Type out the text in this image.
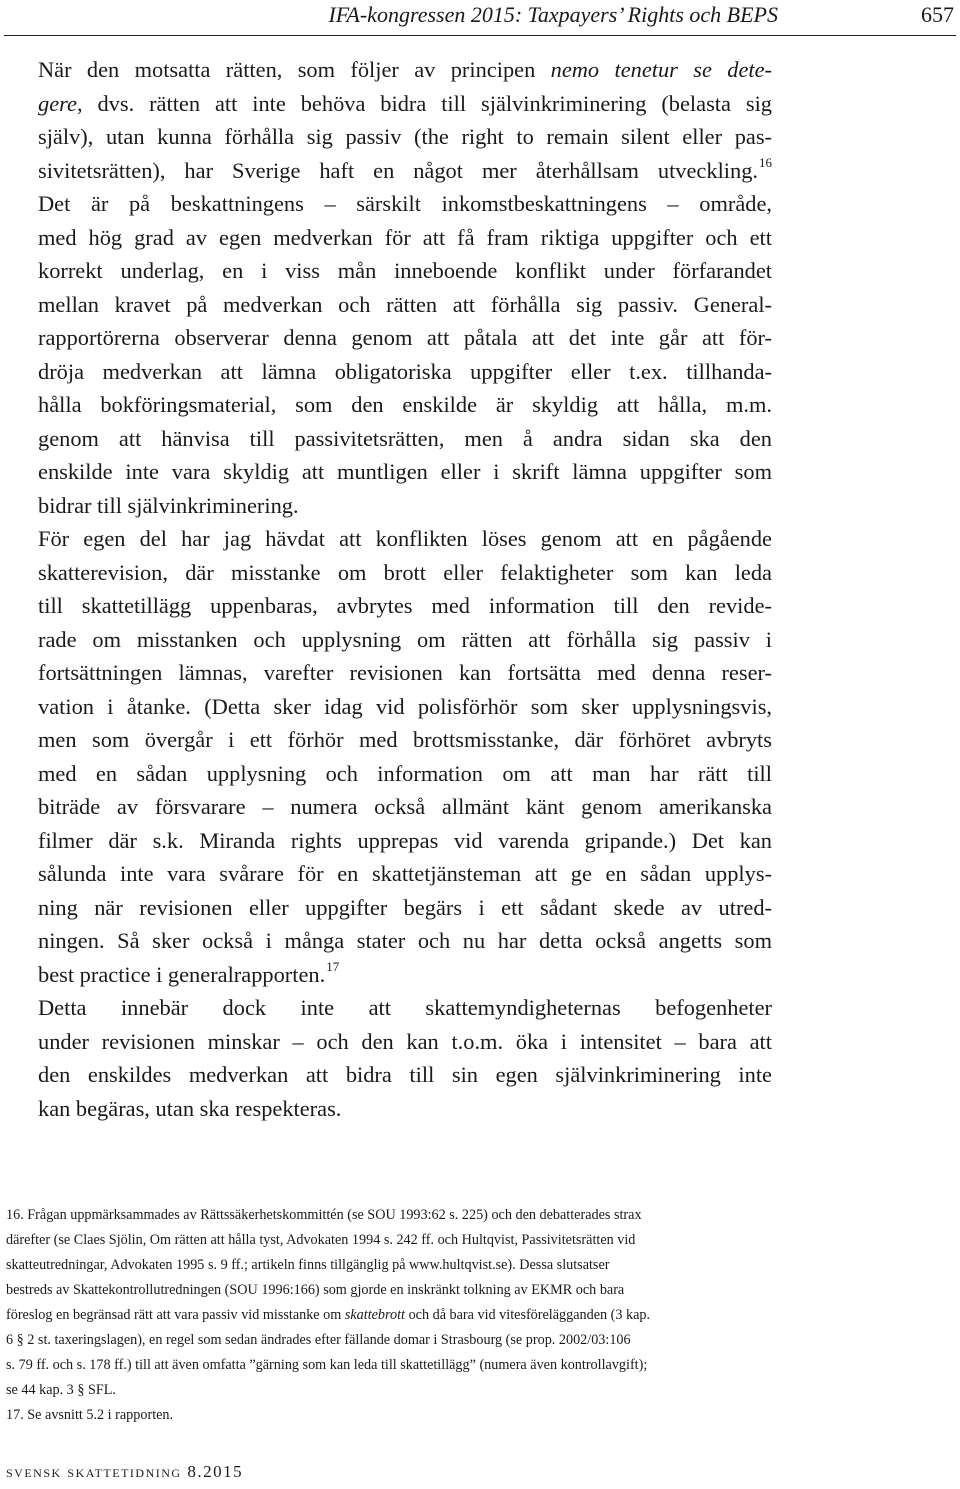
IFA-kongressen 2015: Taxpayers’ Rights och BEPS	657

När den motsatta rätten, som följer av principen nemo tenetur se dete-
gere, dvs. rätten att inte behöva bidra till självinkriminering (belasta sig
själv), utan kunna förhålla sig passiv (the right to remain silent eller pas-
sivitetsrätten), har Sverige haft en något mer återhållsam utveckling.$^{16}$
Det är på beskattningens – särskilt inkomstbeskattningens – område,
med hög grad av egen medverkan för att få fram riktiga uppgifter och ett
korrekt underlag, en i viss mån inneboende konflikt under förfarandet
mellan kravet på medverkan och rätten att förhålla sig passiv. General-
rapportörerna observerar denna genom att påtala att det inte går att för-
dröja medverkan att lämna obligatoriska uppgifter eller t.ex. tillhanda-
hålla bokföringsmaterial, som den enskilde är skyldig att hålla, m.m.
genom att hänvisa till passivitetsrätten, men å andra sidan ska den
enskilde inte vara skyldig att muntligen eller i skrift lämna uppgifter som
bidrar till självinkriminering.

För egen del har jag hävdat att konflikten löses genom att en pågående
skatterevision, där misstanke om brott eller felaktigheter som kan leda
till skattetillägg uppenbaras, avbrytes med information till den revide-
rade om misstanken och upplysning om rätten att förhålla sig passiv i
fortsättningen lämnas, varefter revisionen kan fortsätta med denna reser-
vation i åtanke. (Detta sker idag vid polisförhör som sker upplysningsvis,
men som övergår i ett förhör med brottsmisstanke, där förhöret avbryts
med en sådan upplysning och information om att man har rätt till
biträde av försvarare – numera också allmänt känt genom amerikanska
filmer där s.k. Miranda rights upprepas vid varenda gripande.) Det kan
sålunda inte vara svårare för en skattetjänsteman att ge en sådan upplys-
ning när revisionen eller uppgifter begärs i ett sådant skede av utred-
ningen. Så sker också i många stater och nu har detta också angetts som
best practice i generalrapporten.$^{17}$

Detta innebär dock inte att skattemyndigheternas befogenheter
under revisionen minskar – och den kan t.o.m. öka i intensitet – bara att
den enskildes medverkan att bidra till sin egen självinkriminering inte
kan begäras, utan ska respekteras.

16. Frågan uppmärksammades av Rättssäkerhetskommittén (se SOU 1993:62 s. 225) och den debatterades strax
därefter (se Claes Sjölin, Om rätten att hålla tyst, Advokaten 1994 s. 242 ff. och Hultqvist, Passivitetsrätten vid
skatteutredningar, Advokaten 1995 s. 9 ff.; artikeln finns tillgänglig på www.hultqvist.se). Dessa slutsatser
bestreds av Skattekontrollutredningen (SOU 1996:166) som gjorde en inskränkt tolkning av EKMR och bara
föreslog en begränsad rätt att vara passiv vid misstanke om skattebrott och då bara vid vitesförelägganden (3 kap.
6 § 2 st. taxeringslagen), en regel som sedan ändrades efter fällande domar i Strasbourg (se prop. 2002/03:106
s. 79 ff. och s. 178 ff.) till att även omfatta ”gärning som kan leda till skattetillägg” (numera även kontrollavgift);
se 44 kap. 3 § SFL.
17. Se avsnitt 5.2 i rapporten.
svensk skattetidning 8.2015
